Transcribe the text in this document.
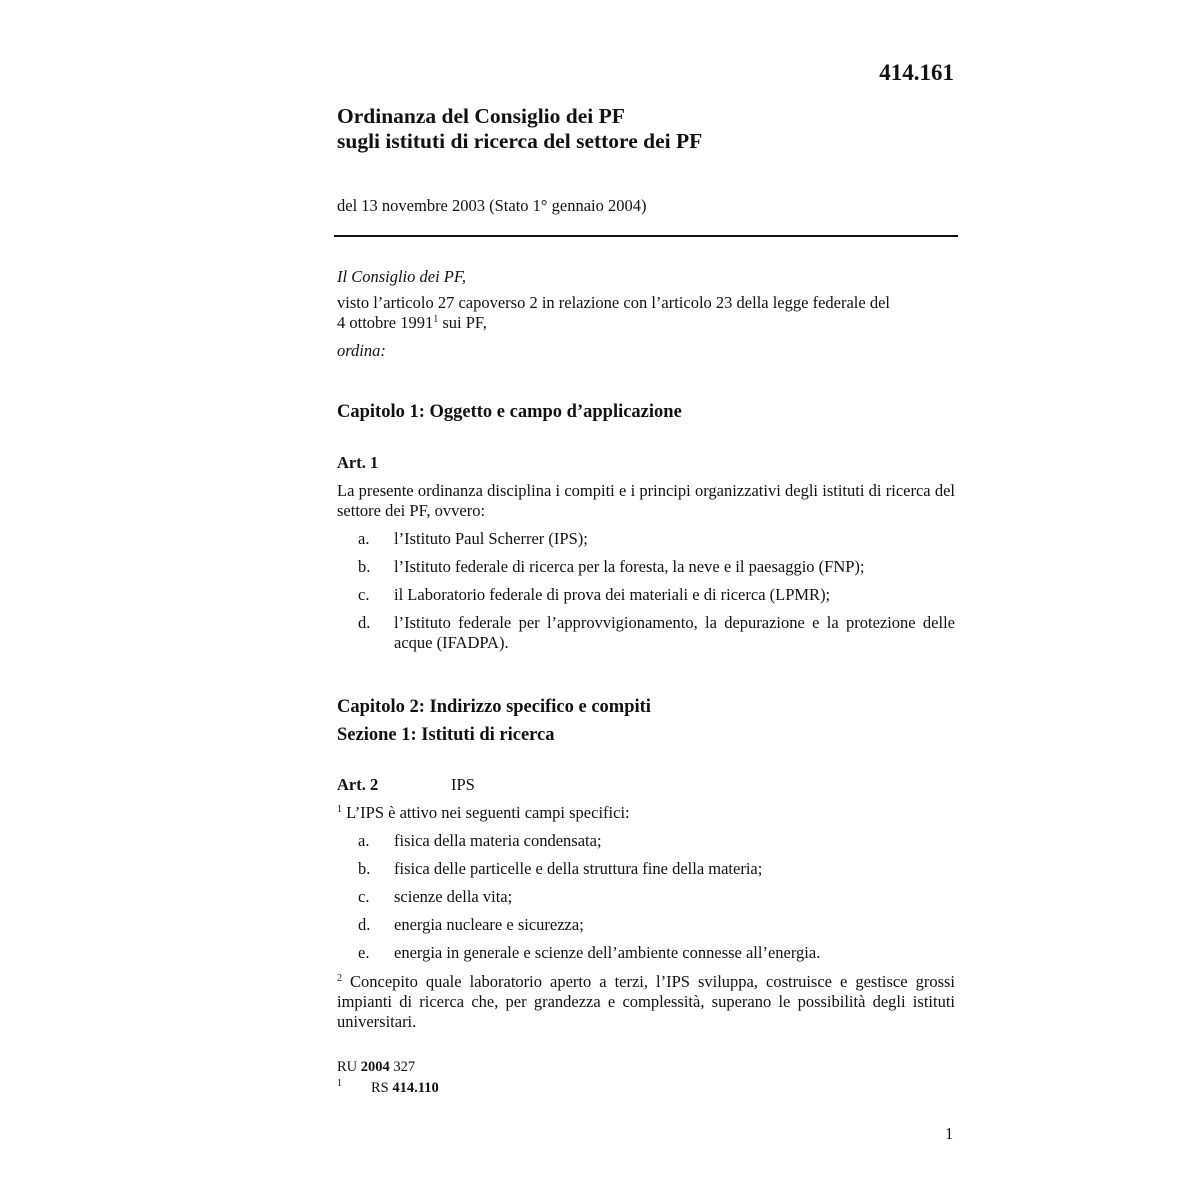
414.161
Ordinanza del Consiglio dei PF
sugli istituti di ricerca del settore dei PF
del 13 novembre 2003 (Stato 1° gennaio 2004)
Il Consiglio dei PF,
visto l’articolo 27 capoverso 2 in relazione con l’articolo 23 della legge federale del
4 ottobre 1991$^1$ sui PF,
ordina:
Capitolo 1: Oggetto e campo d’applicazione
Art. 1
La presente ordinanza disciplina i compiti e i principi organizzativi degli istituti di ricerca del settore dei PF, ovvero:
a. l’Istituto Paul Scherrer (IPS);
b. l’Istituto federale di ricerca per la foresta, la neve e il paesaggio (FNP);
c. il Laboratorio federale di prova dei materiali e di ricerca (LPMR);
d. l’Istituto federale per l’approvvigionamento, la depurazione e la protezione delle acque (IFADPA).
Capitolo 2: Indirizzo specifico e compiti
Sezione 1: Istituti di ricerca
Art. 2	IPS
$^1$ L’IPS è attivo nei seguenti campi specifici:
a. fisica della materia condensata;
b. fisica delle particelle e della struttura fine della materia;
c. scienze della vita;
d. energia nucleare e sicurezza;
e. energia in generale e scienze dell’ambiente connesse all’energia.
$^2$ Concepito quale laboratorio aperto a terzi, l’IPS sviluppa, costruisce e gestisce grossi impianti di ricerca che, per grandezza e complessità, superano le possibilità degli istituti universitari.
RU 2004 327
$^1$ RS 414.110
1
